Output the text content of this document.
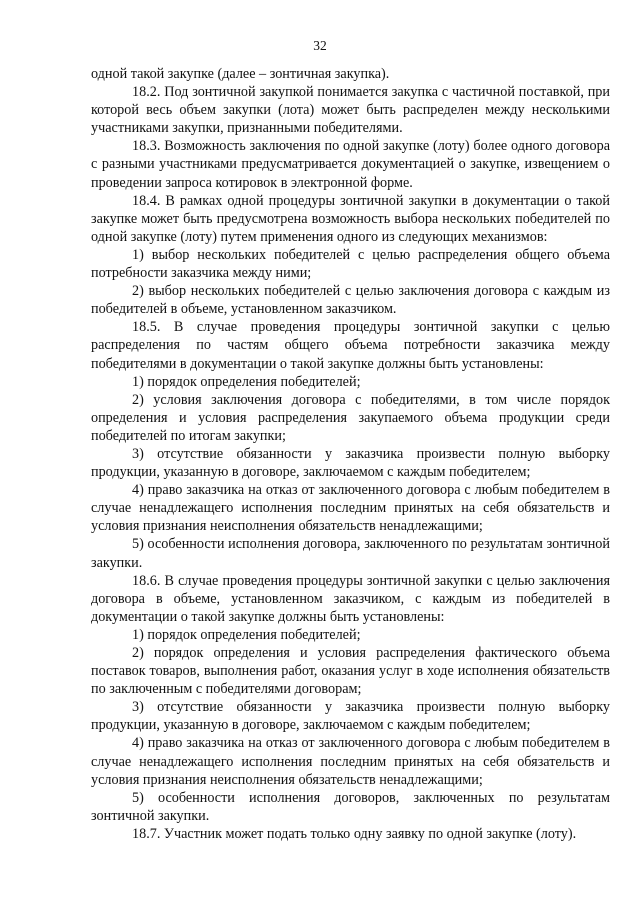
32

одной такой закупке (далее – зонтичная закупка).

18.2. Под зонтичной закупкой понимается закупка с частичной поставкой, при которой весь объем закупки (лота) может быть распределен между несколькими участниками закупки, признанными победителями.

18.3. Возможность заключения по одной закупке (лоту) более одного договора с разными участниками предусматривается документацией о закупке, извещением о проведении запроса котировок в электронной форме.

18.4. В рамках одной процедуры зонтичной закупки в документации о такой закупке может быть предусмотрена возможность выбора нескольких победителей по одной закупке (лоту) путем применения одного из следующих механизмов:

1) выбор нескольких победителей с целью распределения общего объема потребности заказчика между ними;

2) выбор нескольких победителей с целью заключения договора с каждым из победителей в объеме, установленном заказчиком.

18.5. В случае проведения процедуры зонтичной закупки с целью распределения по частям общего объема потребности заказчика между победителями в документации о такой закупке должны быть установлены:

1) порядок определения победителей;

2) условия заключения договора с победителями, в том числе порядок определения и условия распределения закупаемого объема продукции среди победителей по итогам закупки;

3) отсутствие обязанности у заказчика произвести полную выборку продукции, указанную в договоре, заключаемом с каждым победителем;

4) право заказчика на отказ от заключенного договора с любым победителем в случае ненадлежащего исполнения последним принятых на себя обязательств и условия признания неисполнения обязательств ненадлежащими;

5) особенности исполнения договора, заключенного по результатам зонтичной закупки.

18.6. В случае проведения процедуры зонтичной закупки с целью заключения договора в объеме, установленном заказчиком, с каждым из победителей в документации о такой закупке должны быть установлены:

1) порядок определения победителей;

2) порядок определения и условия распределения фактического объема поставок товаров, выполнения работ, оказания услуг в ходе исполнения обязательств по заключенным с победителями договорам;

3) отсутствие обязанности у заказчика произвести полную выборку продукции, указанную в договоре, заключаемом с каждым победителем;

4) право заказчика на отказ от заключенного договора с любым победителем в случае ненадлежащего исполнения последним принятых на себя обязательств и условия признания неисполнения обязательств ненадлежащими;

5) особенности исполнения договоров, заключенных по результатам зонтичной закупки.

18.7. Участник может подать только одну заявку по одной закупке (лоту).
